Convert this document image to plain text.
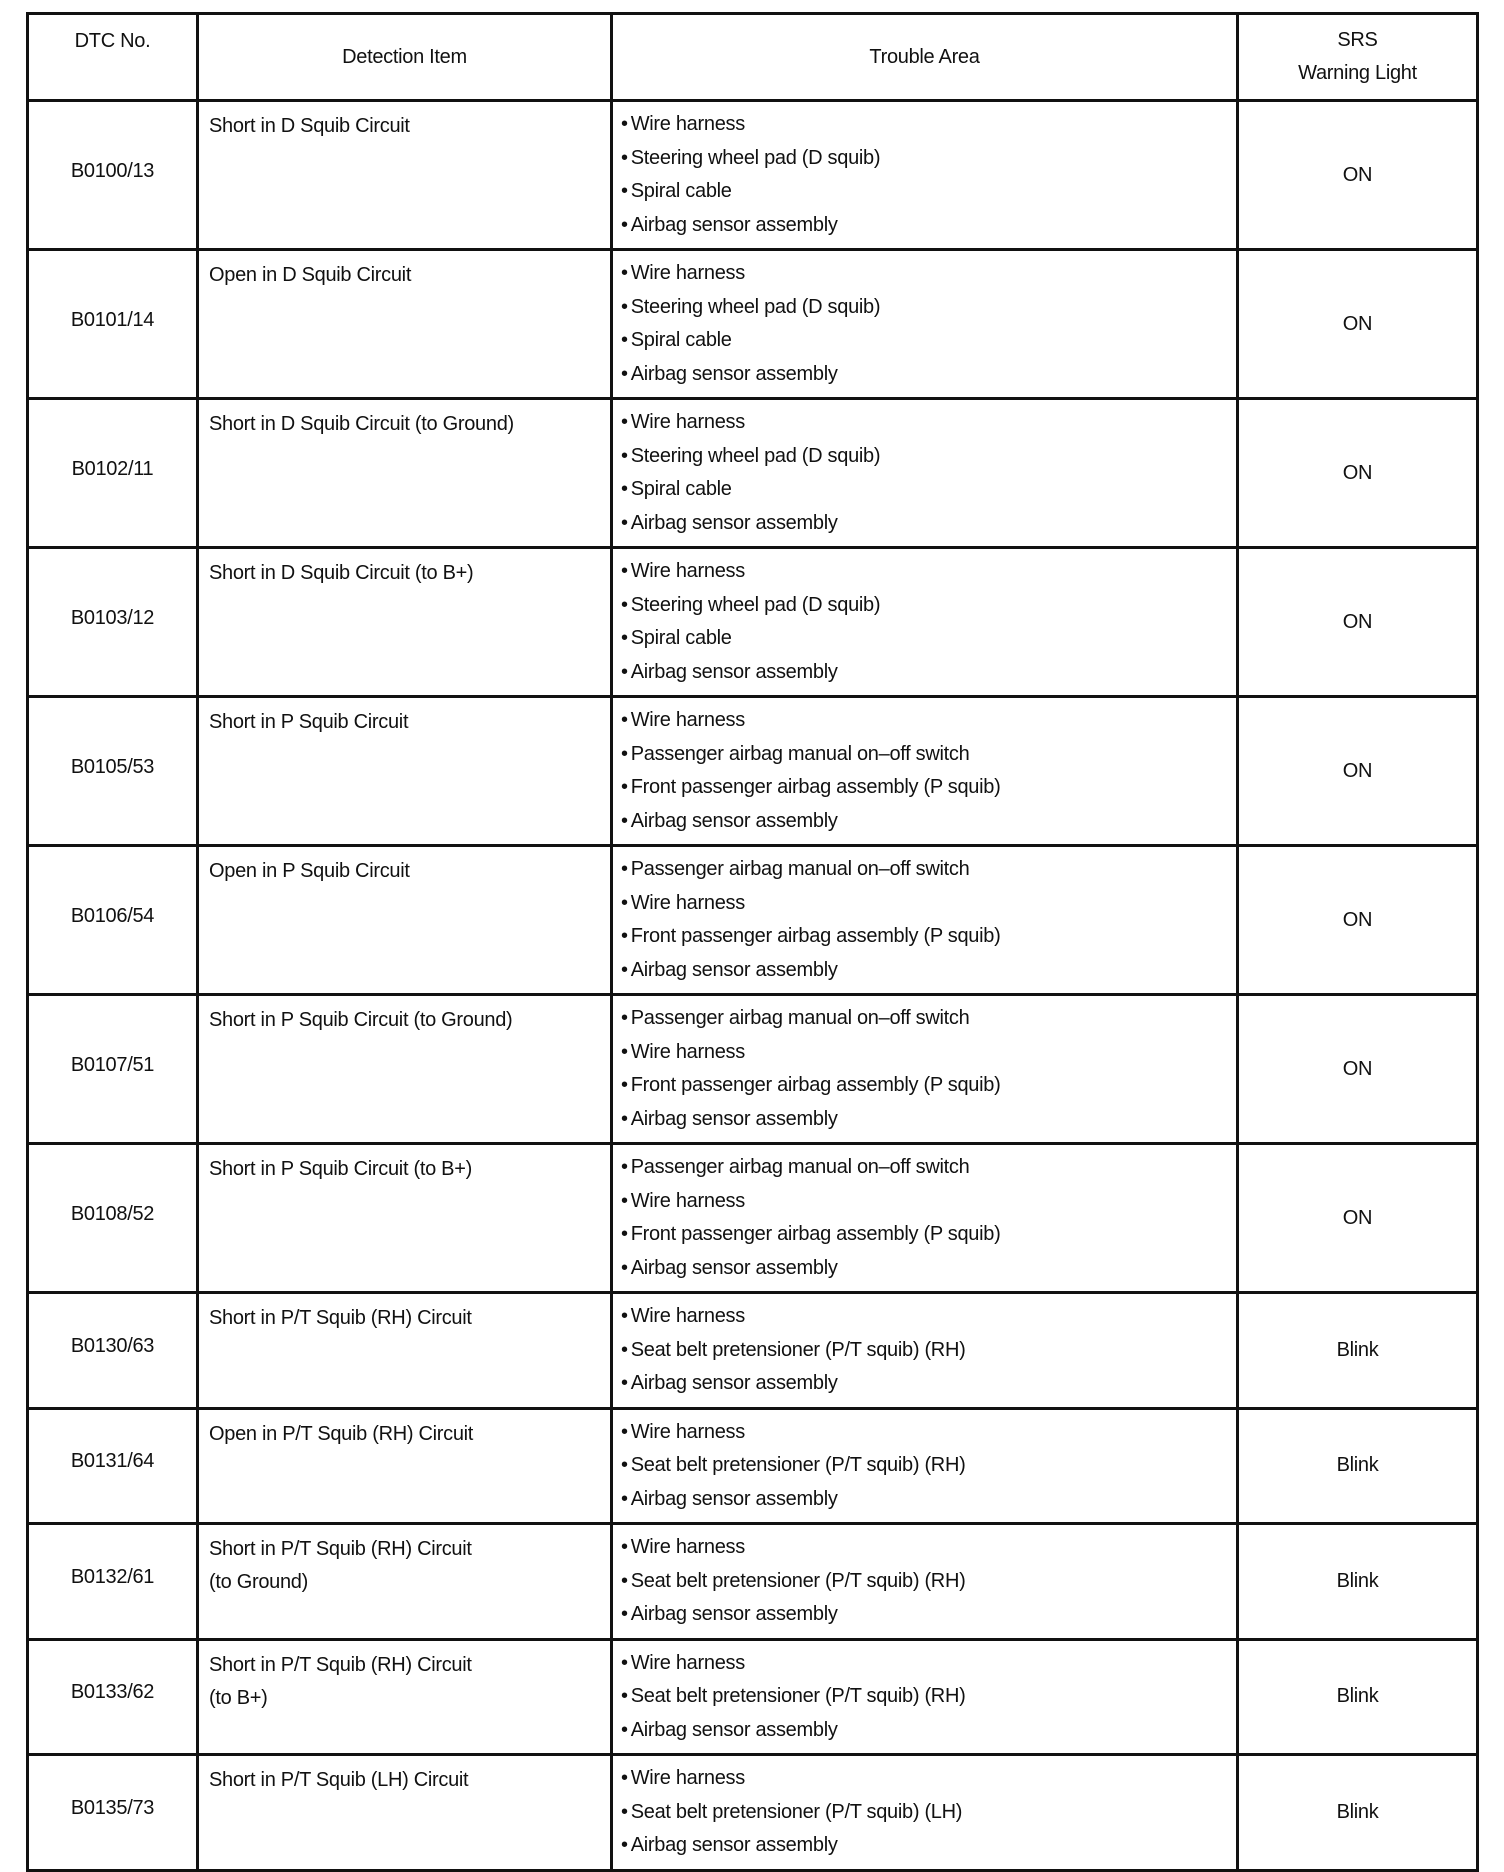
DTC No.	Detection Item	Trouble Area	SRS
Warning Light
B0100/13	Short in D Squib Circuit	• Wire harness
• Steering wheel pad (D squib)
• Spiral cable
• Airbag sensor assembly	ON
B0101/14	Open in D Squib Circuit	• Wire harness
• Steering wheel pad (D squib)
• Spiral cable
• Airbag sensor assembly	ON
B0102/11	Short in D Squib Circuit (to Ground)	• Wire harness
• Steering wheel pad (D squib)
• Spiral cable
• Airbag sensor assembly	ON
B0103/12	Short in D Squib Circuit (to B+)	• Wire harness
• Steering wheel pad (D squib)
• Spiral cable
• Airbag sensor assembly	ON
B0105/53	Short in P Squib Circuit	• Wire harness
• Passenger airbag manual on–off switch
• Front passenger airbag assembly (P squib)
• Airbag sensor assembly	ON
B0106/54	Open in P Squib Circuit	• Passenger airbag manual on–off switch
• Wire harness
• Front passenger airbag assembly (P squib)
• Airbag sensor assembly	ON
B0107/51	Short in P Squib Circuit (to Ground)	• Passenger airbag manual on–off switch
• Wire harness
• Front passenger airbag assembly (P squib)
• Airbag sensor assembly	ON
B0108/52	Short in P Squib Circuit (to B+)	• Passenger airbag manual on–off switch
• Wire harness
• Front passenger airbag assembly (P squib)
• Airbag sensor assembly	ON
B0130/63	Short in P/T Squib (RH) Circuit	• Wire harness
• Seat belt pretensioner (P/T squib) (RH)
• Airbag sensor assembly	Blink
B0131/64	Open in P/T Squib (RH) Circuit	• Wire harness
• Seat belt pretensioner (P/T squib) (RH)
• Airbag sensor assembly	Blink
B0132/61	Short in P/T Squib (RH) Circuit
(to Ground)	• Wire harness
• Seat belt pretensioner (P/T squib) (RH)
• Airbag sensor assembly	Blink
B0133/62	Short in P/T Squib (RH) Circuit
(to B+)	• Wire harness
• Seat belt pretensioner (P/T squib) (RH)
• Airbag sensor assembly	Blink
B0135/73	Short in P/T Squib (LH) Circuit	• Wire harness
• Seat belt pretensioner (P/T squib) (LH)
• Airbag sensor assembly	Blink
